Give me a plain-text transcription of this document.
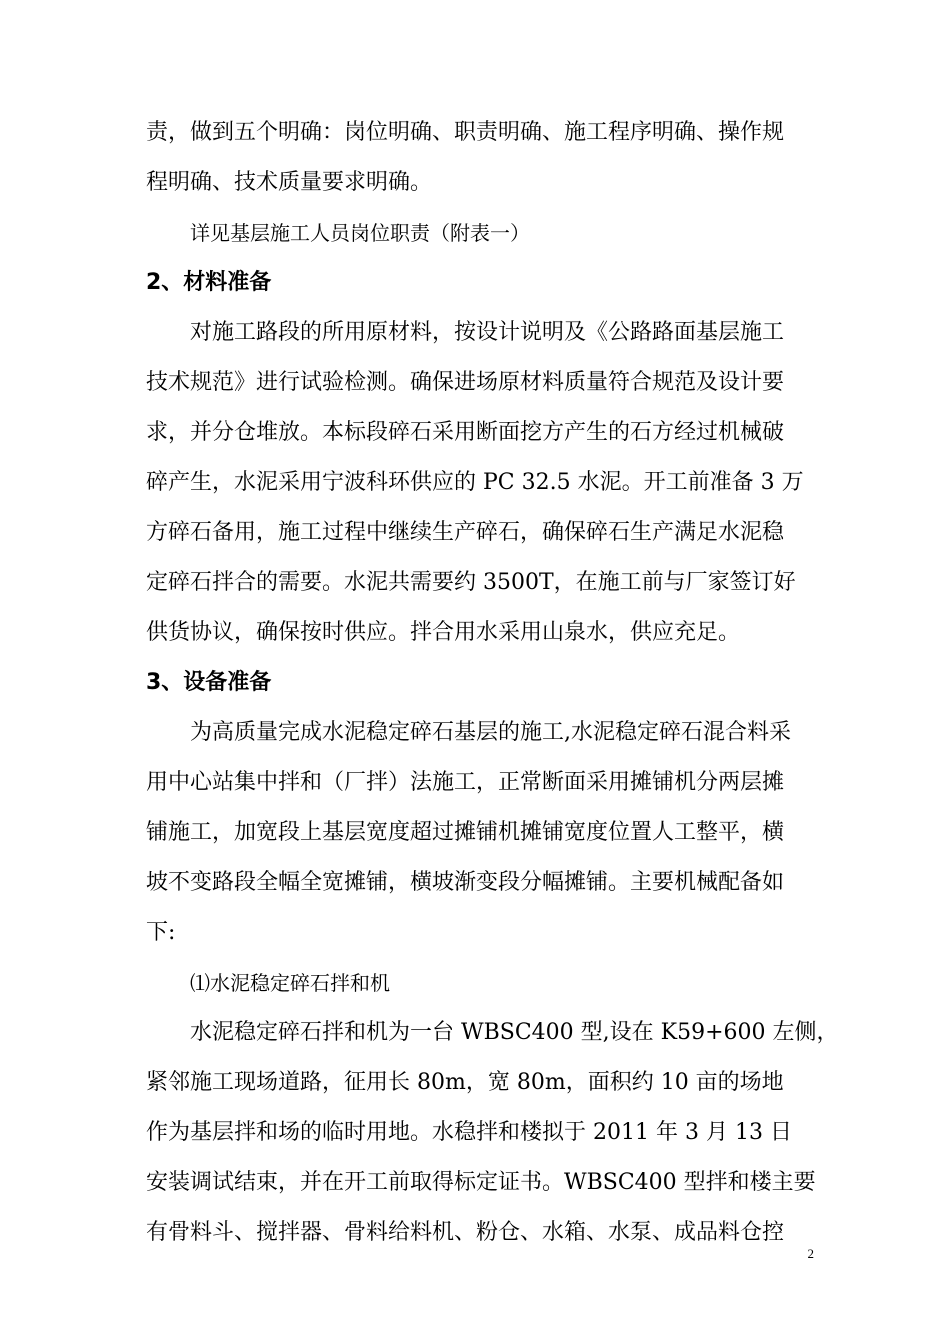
责，做到五个明确：岗位明确、职责明确、施工程序明确、操作规
程明确、技术质量要求明确。
详见基层施工人员岗位职责（附表一）
2、材料准备
对施工路段的所用原材料，按设计说明及《公路路面基层施工
技术规范》进行试验检测。确保进场原材料质量符合规范及设计要
求，并分仓堆放。本标段碎石采用断面挖方产生的石方经过机械破
碎产生，水泥采用宁波科环供应的 PC 32.5 水泥。开工前准备 3 万
方碎石备用，施工过程中继续生产碎石，确保碎石生产满足水泥稳
定碎石拌合的需要。水泥共需要约 3500T，在施工前与厂家签订好
供货协议，确保按时供应。拌合用水采用山泉水，供应充足。
3、设备准备
为高质量完成水泥稳定碎石基层的施工,水泥稳定碎石混合料采
用中心站集中拌和（厂拌）法施工，正常断面采用摊铺机分两层摊
铺施工，加宽段上基层宽度超过摊铺机摊铺宽度位置人工整平，横
坡不变路段全幅全宽摊铺，横坡渐变段分幅摊铺。主要机械配备如
下:
⑴水泥稳定碎石拌和机
水泥稳定碎石拌和机为一台 WBSC400 型,设在 K59+600 左侧，
紧邻施工现场道路，征用长 80m，宽 80m，面积约 10 亩的场地
作为基层拌和场的临时用地。水稳拌和楼拟于 2011 年 3 月 13 日
安装调试结束，并在开工前取得标定证书。WBSC400 型拌和楼主要
有骨料斗、搅拌器、骨料给料机、粉仓、水箱、水泵、成品料仓控
2
